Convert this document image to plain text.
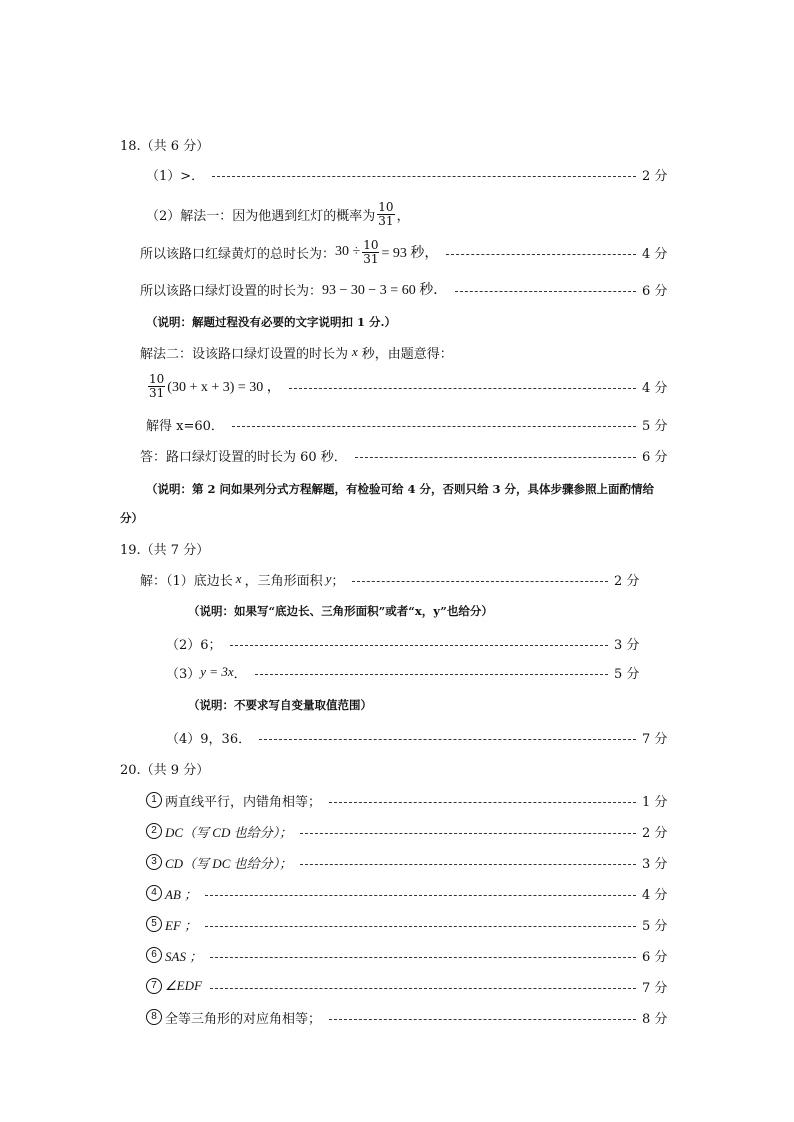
18.（共 6 分）
（1）>．	2 分
（2）解法一：因为他遇到红灯的概率为 $\frac{10}{31}$ ，
所以该路口红绿黄灯的总时长为： $30 \div \frac{10}{31} = 93$ 秒，	4 分
所以该路口绿灯设置的时长为： 93 − 30 − 3 = 60 秒．	6 分
（说明：解题过程没有必要的文字说明扣 1 分.）
解法二：设该路口绿灯设置的时长为 x 秒，由题意得：
$\frac{10}{31} (30 + x + 3) = 30$ ，	4 分
解得 x=60．	5 分
答：路口绿灯设置的时长为 60 秒．	6 分
（说明：第 2 问如果列分式方程解题，有检验可给 4 分，否则只给 3 分，具体步骤参照上面酌情给
分）
19.（共 7 分）
解：（1）底边长 x ，三角形面积 y ；	2 分
（说明：如果写“底边长、三角形面积”或者“x，y”也给分）
（2）6；	3 分
（3） y = 3x ．	5 分
（说明：不要求写自变量取值范围）
（4）9，36．	7 分
20.（共 9 分）
1 两直线平行，内错角相等；	1 分
2 DC（写 CD 也给分）；	2 分
3 CD（写 DC 也给分）；	3 分
4 AB ；	4 分
5 EF ；	5 分
6 SAS ；	6 分
7 ∠EDF	7 分
8 全等三角形的对应角相等；	8 分
